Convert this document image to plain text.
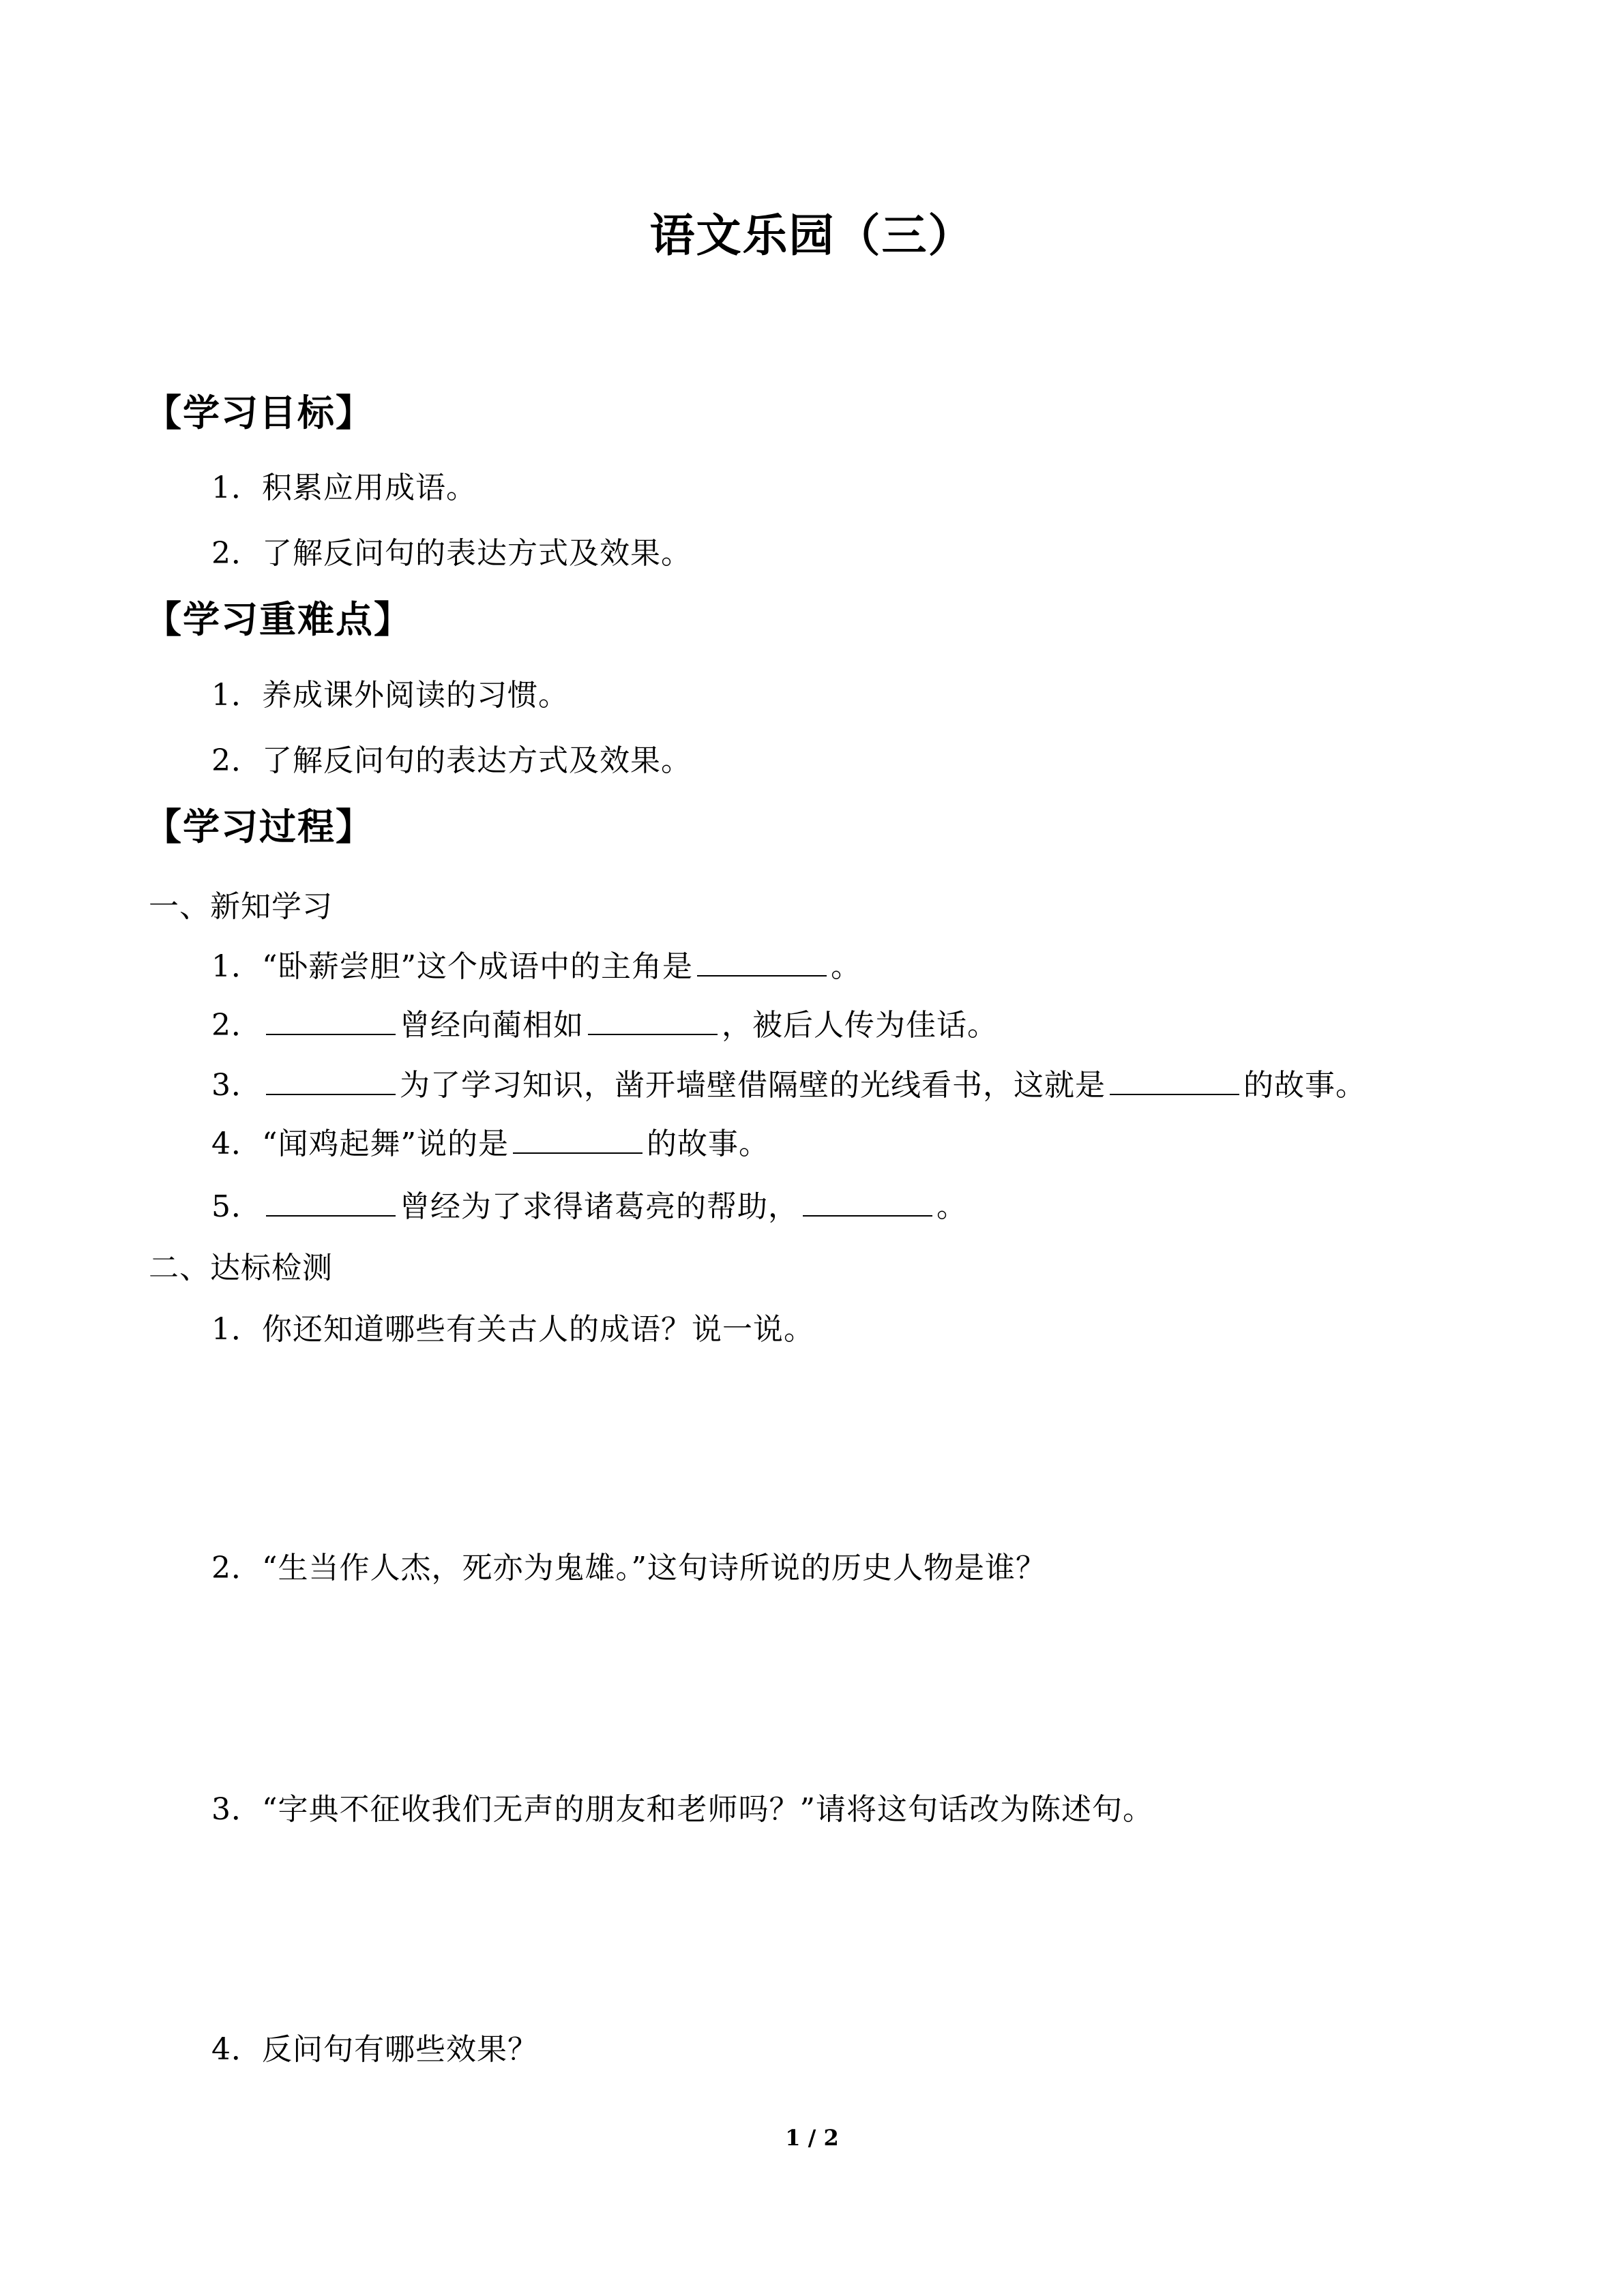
语文乐园（三）
【学习目标】
1．积累应用成语。
2．了解反问句的表达方式及效果。
【学习重难点】
1．养成课外阅读的习惯。
2．了解反问句的表达方式及效果。
【学习过程】
一、新知学习
1．“卧薪尝胆”这个成语中的主角是	。
2．	曾经向蔺相如	，被后人传为佳话。
3．	为了学习知识，凿开墙壁借隔壁的光线看书，这就是	的故事。
4．“闻鸡起舞”说的是	的故事。
5．	曾经为了求得诸葛亮的帮助，	。
二、达标检测
1．你还知道哪些有关古人的成语？说一说。
2．“生当作人杰，死亦为鬼雄。”这句诗所说的历史人物是谁？
3．“字典不征收我们无声的朋友和老师吗？”请将这句话改为陈述句。
4．反问句有哪些效果？
1 / 2
